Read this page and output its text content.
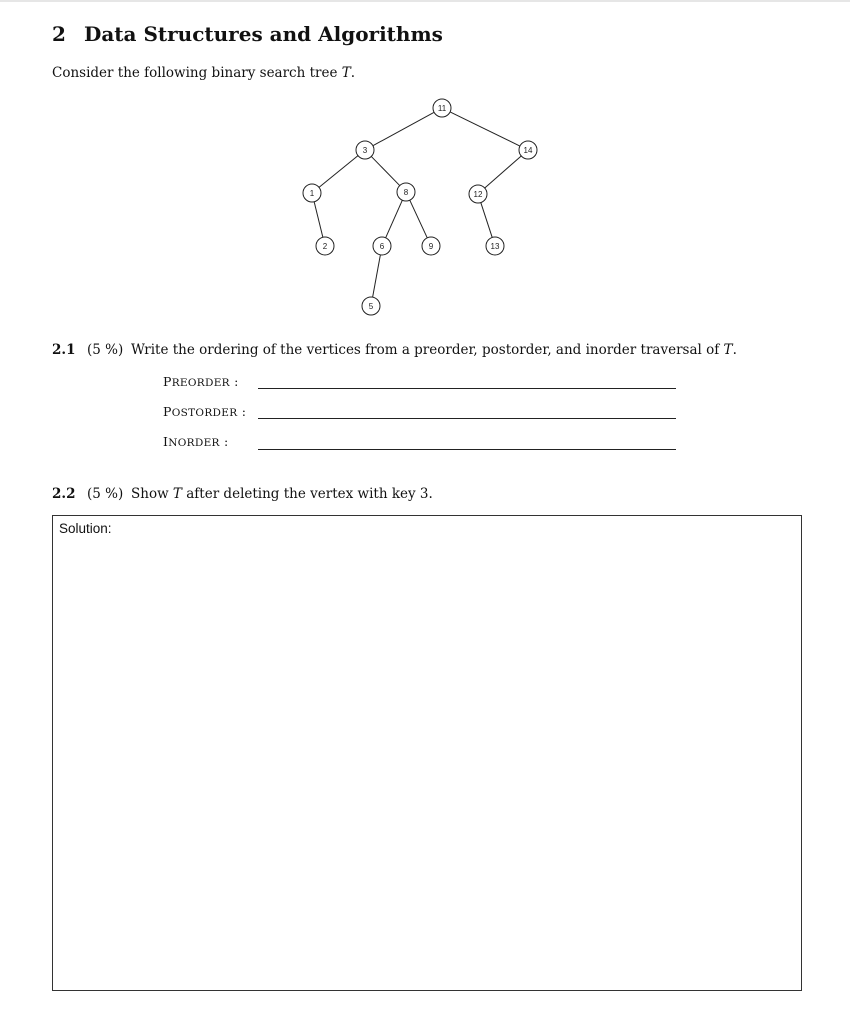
2 Data Structures and Algorithms
Consider the following binary search tree T.
11
3	14
1	8	12
2	6	9	13
5
2.1 (5 %) Write the ordering of the vertices from a preorder, postorder, and inorder traversal of T.
PREORDER :
POSTORDER :
INORDER :
2.2 (5 %) Show T after deleting the vertex with key 3.
Solution:
